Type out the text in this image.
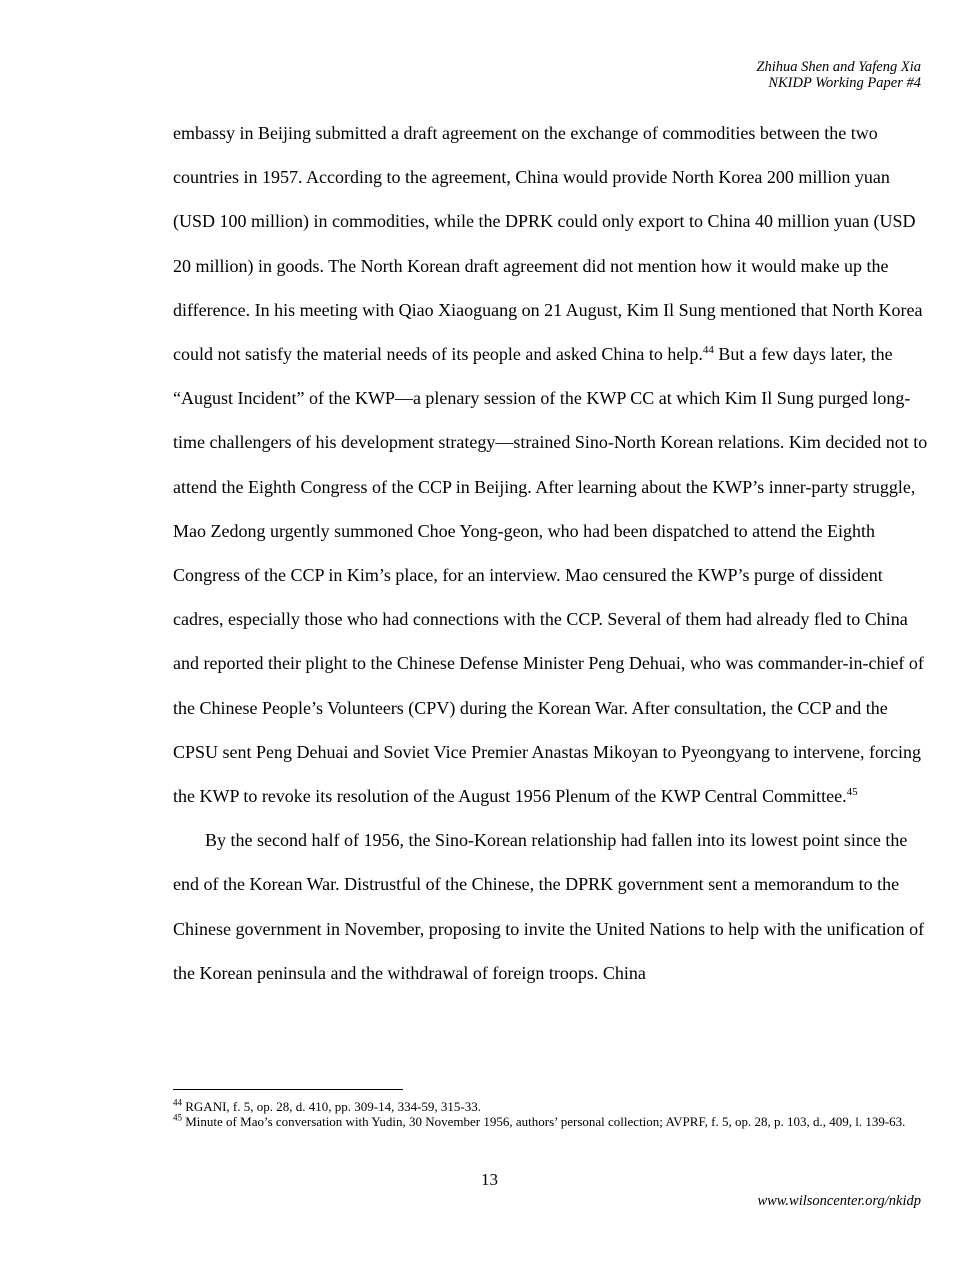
Zhihua Shen and Yafeng Xia
NKIDP Working Paper #4

embassy in Beijing submitted a draft agreement on the exchange of commodities between the two countries in 1957. According to the agreement, China would provide North Korea 200 million yuan (USD 100 million) in commodities, while the DPRK could only export to China 40 million yuan (USD 20 million) in goods. The North Korean draft agreement did not mention how it would make up the difference. In his meeting with Qiao Xiaoguang on 21 August, Kim Il Sung mentioned that North Korea could not satisfy the material needs of its people and asked China to help.$^{44}$ But a few days later, the “August Incident” of the KWP—a plenary session of the KWP CC at which Kim Il Sung purged long-time challengers of his development strategy—strained Sino-North Korean relations. Kim decided not to attend the Eighth Congress of the CCP in Beijing. After learning about the KWP’s inner-party struggle, Mao Zedong urgently summoned Choe Yong-geon, who had been dispatched to attend the Eighth Congress of the CCP in Kim’s place, for an interview. Mao censured the KWP’s purge of dissident cadres, especially those who had connections with the CCP. Several of them had already fled to China and reported their plight to the Chinese Defense Minister Peng Dehuai, who was commander-in-chief of the Chinese People’s Volunteers (CPV) during the Korean War. After consultation, the CCP and the CPSU sent Peng Dehuai and Soviet Vice Premier Anastas Mikoyan to Pyeongyang to intervene, forcing the KWP to revoke its resolution of the August 1956 Plenum of the KWP Central Committee.$^{45}$

By the second half of 1956, the Sino-Korean relationship had fallen into its lowest point since the end of the Korean War. Distrustful of the Chinese, the DPRK government sent a memorandum to the Chinese government in November, proposing to invite the United Nations to help with the unification of the Korean peninsula and the withdrawal of foreign troops. China

$^{44}$ RGANI, f. 5, op. 28, d. 410, pp. 309-14, 334-59, 315-33.

$^{45}$ Minute of Mao’s conversation with Yudin, 30 November 1956, authors’ personal collection; AVPRF, f. 5, op. 28, p. 103, d., 409, l. 139-63.

13
www.wilsoncenter.org/nkidp
